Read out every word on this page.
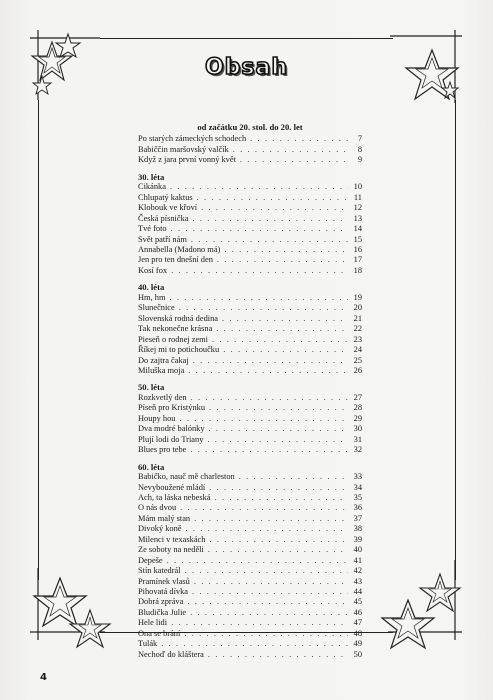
Obsah
od začátku 20. stol. do 20. let
Po starých zámeckých schodech . . .	7
Babiččin maršovský valčík . . .	8
Když z jara první vonný květ . . .	9
30. léta
Cikánka . . .	10
Chlupatý kaktus . . .	11
Klobouk ve křoví . . .	12
Česká písnička . . .	13
Tvé foto . . .	14
Svět patří nám . . .	15
Annabella (Madono má) . . .	16
Jen pro ten dnešní den . . .	17
Kosí fox . . .	18
40. léta
Hm, hm . . .	19
Slunečnice . . .	20
Slovenská rodná dedina . . .	21
Tak nekonečne krásna . . .	22
Pieseň o rodnej zemi . . .	23
Říkej mi to potichoučku . . .	24
Do zajtra čakaj . . .	25
Miluška moja . . .	26
50. léta
Rozkvetlý den . . .	27
Píseň pro Kristýnku . . .	28
Houpy hou . . .	29
Dva modré balónky . . .	30
Plují lodi do Triany . . .	31
Blues pro tebe . . .	32
60. léta
Babičko, nauč mě charleston . . .	33
Nevyboužené mládí . . .	34
Ach, ta láska nebeská . . .	35
O nás dvou . . .	36
Mám malý stan . . .	37
Divoký koně . . .	38
Milenci v texaskách . . .	39
Ze soboty na neděli . . .	40
Depeše . . .	41
Stín katedrál . . .	42
Pramínek vlasů . . .	43
Pihovatá dívka . . .	44
Dobrá zpráva . . .	45
Bludička Julie . . .	46
Hele lidi . . .	47
Ona se brání . . .	48
Tulák . . .	49
Nechoď do kláštera . . .	50
4
